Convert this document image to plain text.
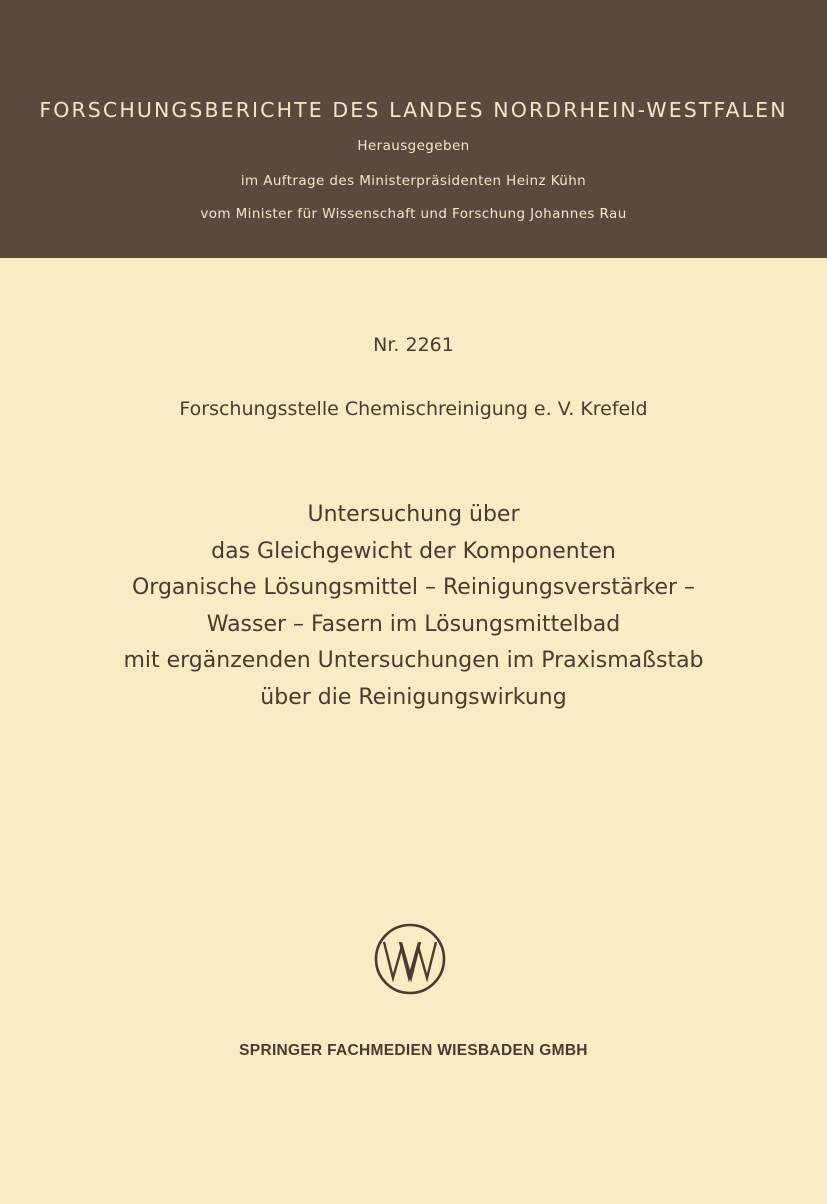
FORSCHUNGSBERICHTE DES LANDES NORDRHEIN-WESTFALEN
Herausgegeben
im Auftrage des Ministerpräsidenten Heinz Kühn
vom Minister für Wissenschaft und Forschung Johannes Rau
Nr. 2261
Forschungsstelle Chemischreinigung e. V. Krefeld
Untersuchung über
das Gleichgewicht der Komponenten
Organische Lösungsmittel – Reinigungsverstärker –
Wasser – Fasern im Lösungsmittelbad
mit ergänzenden Untersuchungen im Praxismaßstab
über die Reinigungswirkung
SPRINGER FACHMEDIEN WIESBADEN GMBH
